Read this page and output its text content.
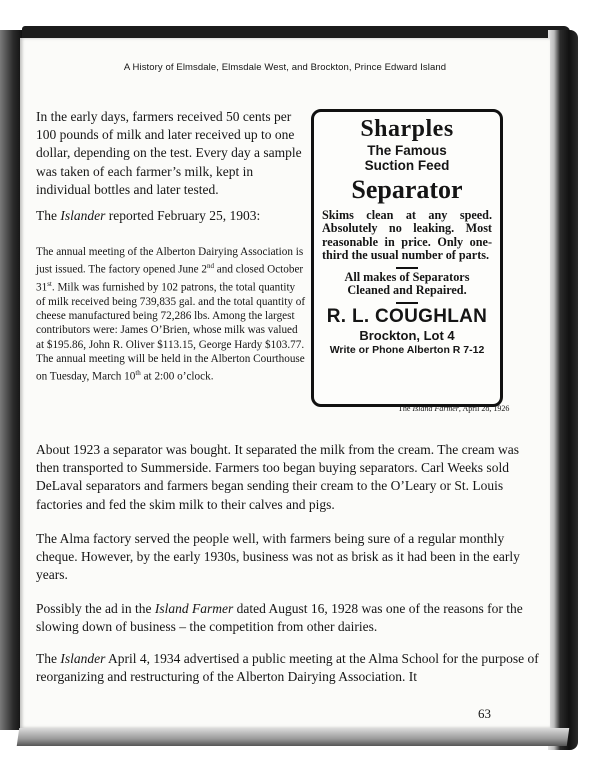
A History of Elmsdale, Elmsdale West, and Brockton, Prince Edward Island

In the early days, farmers received 50 cents per 100 pounds of milk and later received up to one dollar, depending on the test. Every day a sample was taken of each farmer’s milk, kept in individual bottles and later tested.

The Islander reported February 25, 1903:

The annual meeting of the Alberton Dairying Association is just issued. The factory opened June 2nd and closed October 31st. Milk was furnished by 102 patrons, the total quantity of milk received being 739,835 gal. and the total quantity of cheese manufactured being 72,286 lbs. Among the largest contributors were: James O’Brien, whose milk was valued at $195.86, John R. Oliver $113.15, George Hardy $103.77. The annual meeting will be held in the Alberton Courthouse on Tuesday, March 10th at 2:00 o’clock.

About 1923 a separator was bought. It separated the milk from the cream. The cream was then transported to Summerside. Farmers too began buying separators. Carl Weeks sold DeLaval separators and farmers began sending their cream to the O’Leary or St. Louis factories and fed the skim milk to their calves and pigs.

The Alma factory served the people well, with farmers being sure of a regular monthly cheque. However, by the early 1930s, business was not as brisk as it had been in the early years.

Possibly the ad in the Island Farmer dated August 16, 1928 was one of the reasons for the slowing down of business – the competition from other dairies.

The Islander April 4, 1934 advertised a public meeting at the Alma School for the purpose of reorganizing and restructuring of the Alberton Dairying Association. It

Sharples
The Famous
Suction Feed
Separator
Skims clean at any speed. Absolutely no leaking. Most reasonable in price. Only one-third the usual number of parts.
All makes of Separators
Cleaned and Repaired.
R. L. COUGHLAN
Brockton, Lot 4
Write or Phone Alberton R 7-12
The Island Farmer, April 28, 1926
63
